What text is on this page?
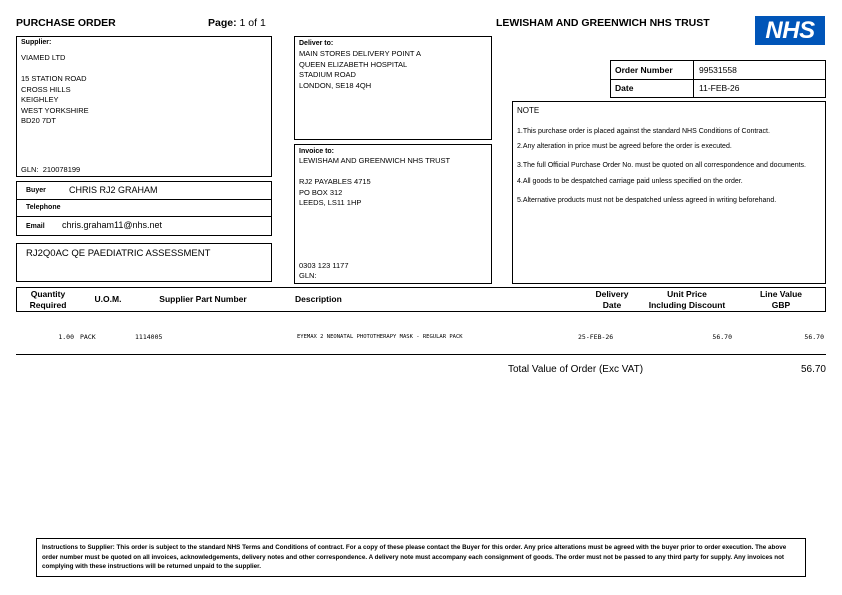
PURCHASE ORDER	Page: 1 of 1	LEWISHAM AND GREENWICH NHS TRUST	NHS
Supplier:
VIAMED LTD
15 STATION ROAD
CROSS HILLS
KEIGHLEY
WEST YORKSHIRE
BD20 7DT
GLN: 210078199
Deliver to:
MAIN STORES DELIVERY POINT A
QUEEN ELIZABETH HOSPITAL
STADIUM ROAD
LONDON, SE18 4QH
Order Number	99531558
Date	11-FEB-26
NOTE
1.This purchase order is placed against the standard NHS Conditions of Contract.
2.Any alteration in price must be agreed before the order is executed.
3.The full Official Purchase Order No. must be quoted on all correspondence and documents.
4.All goods to be despatched carriage paid unless specified on the order.
5.Alternative products must not be despatched unless agreed in writing beforehand.
Buyer	CHRIS RJ2 GRAHAM
Telephone
Email chris.graham11@nhs.net
RJ2Q0AC QE PAEDIATRIC ASSESSMENT
Invoice to:
LEWISHAM AND GREENWICH NHS TRUST
RJ2 PAYABLES 4715
PO BOX 312
LEEDS, LS11 1HP
0303 123 1177
GLN:
Quantity
Required
U.O.M.	Supplier Part Number	Description	Delivery
Date
Unit Price
Including Discount
Line Value
GBP
1.00 PACK	1114005	EYEMAX 2 NEONATAL PHOTOTHERAPY MASK - REGULAR PACK	25-FEB-26	56.70	56.70
Total Value of Order (Exc VAT)	56.70
Instructions to Supplier: This order is subject to the standard NHS Terms and Conditions of contract. For a copy of these please contact the Buyer for this order. Any price alterations must be agreed with the buyer prior to order execution. The above order number must be quoted on all invoices, acknowledgements, delivery notes and other correspondence. A delivery note must accompany each consignment of goods. The order must not be passed to any third party for supply. Any invoices not complying with these instructions will be returned unpaid to the supplier.
